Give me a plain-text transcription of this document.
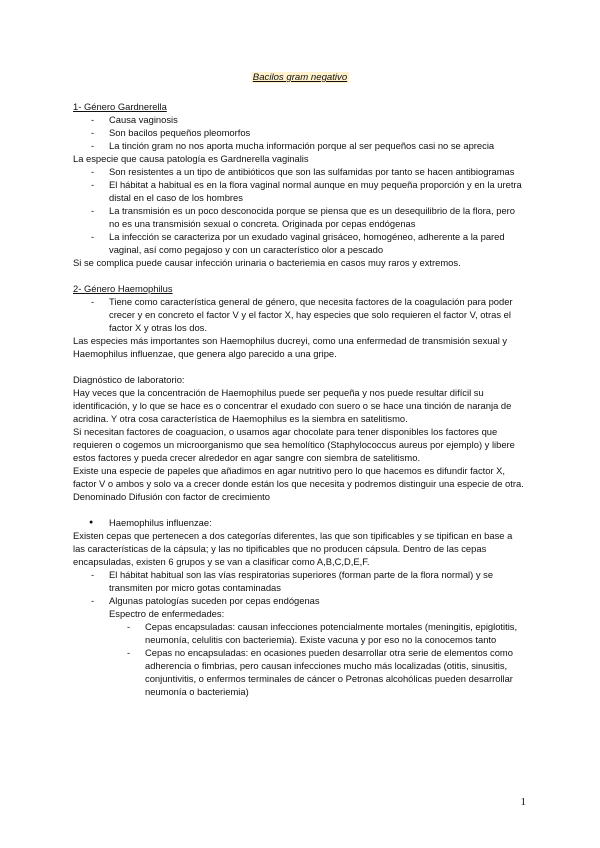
Bacilos gram negativo

1- Género Gardnerella

- Causa vaginosis
- Son bacilos pequeños pleomorfos
- La tinción gram no nos aporta mucha información porque al ser pequeños casi no se aprecia

La especie que causa patología es Gardnerella vaginalis

- Son resistentes a un tipo de antibióticos que son las sulfamidas por tanto se hacen antibiogramas
- El hábitat a habitual es en la flora vaginal normal aunque en muy pequeña proporción y en la uretra distal en el caso de los hombres
- La transmisión es un poco desconocida porque se piensa que es un desequilibrio de la flora, pero no es una transmisión sexual o concreta. Originada por cepas endógenas
- La infección se caracteriza por un exudado vaginal grisáceo, homogéneo, adherente a la pared vaginal, así como pegajoso y con un característico olor a pescado

Si se complica puede causar infección urinaria o bacteriemia en casos muy raros y extremos.

2- Género Haemophilus

- Tiene como característica general de género, que necesita factores de la coagulación para poder crecer y en concreto el factor V y el factor X, hay especies que solo requieren el factor V, otras el factor X y otras los dos.

Las especies más importantes son Haemophilus ducreyi, como una enfermedad de transmisión sexual y Haemophilus influenzae, que genera algo parecido a una gripe.

Diagnóstico de laboratorio:

Hay veces que la concentración de Haemophilus puede ser pequeña y nos puede resultar difícil su identificación, y lo que se hace es o concentrar el exudado con suero o se hace una tinción de naranja de acridina. Y otra cosa característica de Haemophilus es la siembra en satelitismo.

Si necesitan factores de coaguacion, o usamos agar chocolate para tener disponibles los factores que requieren o cogemos un microorganismo que sea hemolítico (Staphylococcus aureus por ejemplo) y libere estos factores y pueda crecer alrededor en agar sangre con siembra de satelitismo.

Existe una especie de papeles que añadimos en agar nutritivo pero lo que hacemos es difundir factor X, factor V o ambos y solo va a crecer donde están los que necesita y podremos distinguir una especie de otra. Denominado Difusión con factor de crecimiento

● Haemophilus influenzae:

Existen cepas que pertenecen a dos categorías diferentes, las que son tipificables y se tipifican en base a las características de la cápsula; y las no tipificables que no producen cápsula. Dentro de las cepas encapsuladas, existen 6 grupos y se van a clasificar como A,B,C,D,E,F.

- El hábitat habitual son las vías respiratorias superiores (forman parte de la flora normal) y se transmiten por micro gotas contaminadas
- Algunas patologías suceden por cepas endógenas

Espectro de enfermedades:

- Cepas encapsuladas: causan infecciones potencialmente mortales (meningitis, epiglotitis, neumonía, celulitis con bacteriemia). Existe vacuna y por eso no la conocemos tanto
- Cepas no encapsuladas: en ocasiones pueden desarrollar otra serie de elementos como adherencia o fimbrias, pero causan infecciones mucho más localizadas (otitis, sinusitis, conjuntivitis, o enfermos terminales de cáncer o Petronas alcohólicas pueden desarrollar neumonía o bacteriemia)
1
